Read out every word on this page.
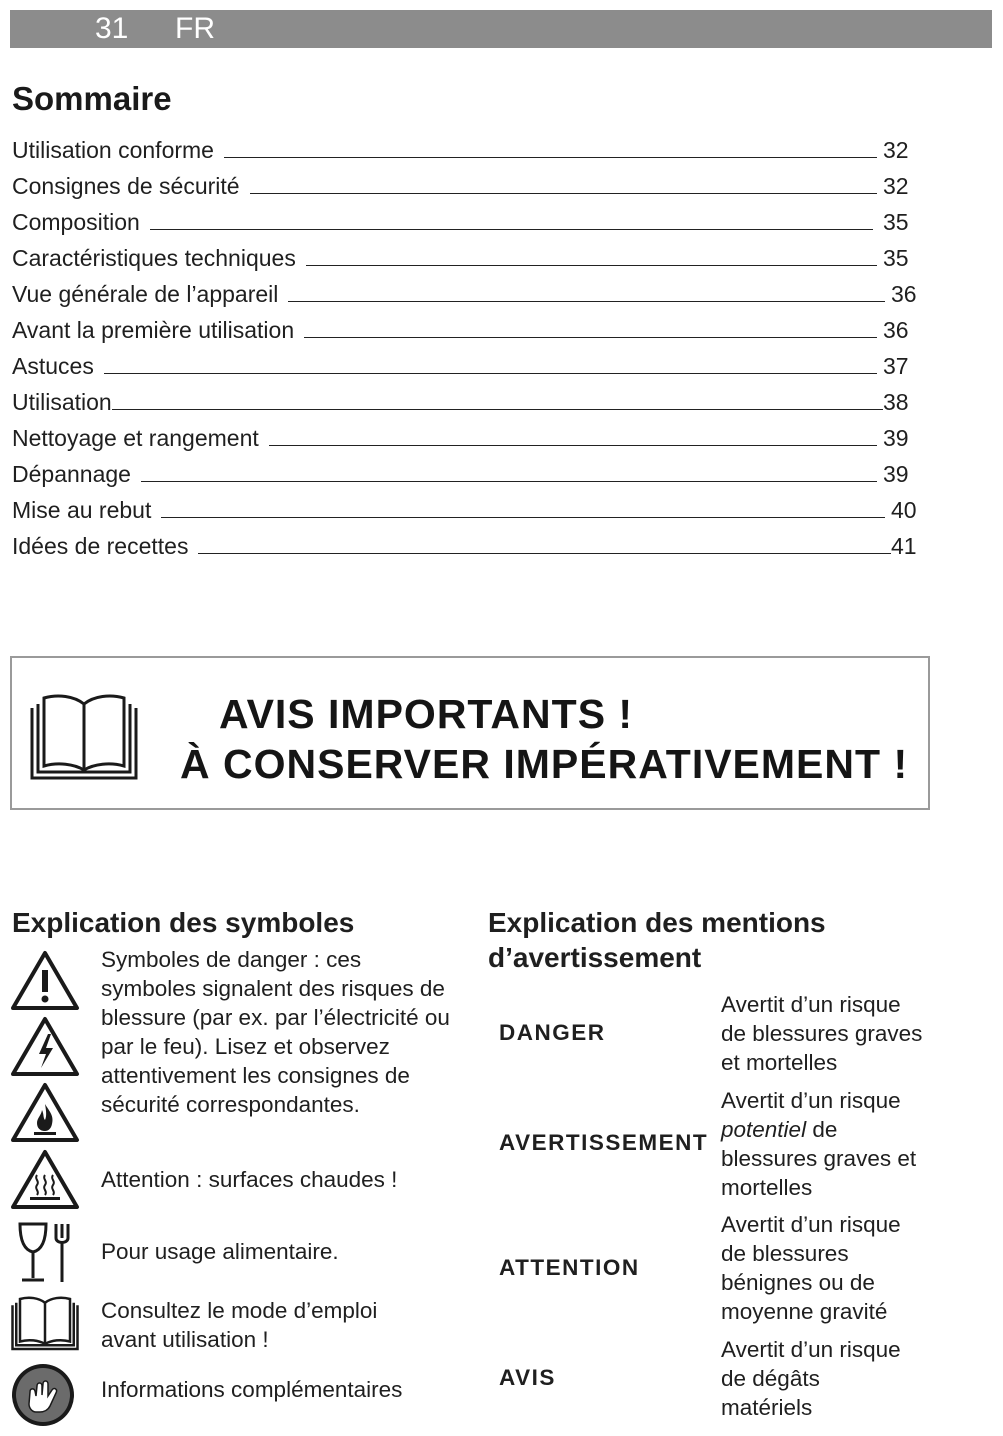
31 FR
Sommaire
Utilisation conforme	32
Consignes de sécurité	32
Composition	35
Caractéristiques techniques	35
Vue générale de l’appareil	36
Avant la première utilisation	36
Astuces	37
Utilisation	38
Nettoyage et rangement	39
Dépannage	39
Mise au rebut	40
Idées de recettes	41
AVIS IMPORTANTS !
À CONSERVER IMPÉRATIVEMENT !
Explication des symboles
Symboles de danger : ces symboles signalent des risques de blessure (par ex. par l’électricité ou par le feu). Lisez et observez attentivement les consignes de sécurité correspondantes.
Attention : surfaces chaudes !
Pour usage alimentaire.
Consultez le mode d’emploi avant utilisation !
Informations complémentaires
Explication des mentions d’avertissement
DANGER
Avertit d’un risque de blessures graves et mortelles
AVERTISSEMENT
Avertit d’un risque potentiel de blessures graves et mortelles
ATTENTION
Avertit d’un risque de blessures bénignes ou de moyenne gravité
AVIS
Avertit d’un risque de dégâts matériels
